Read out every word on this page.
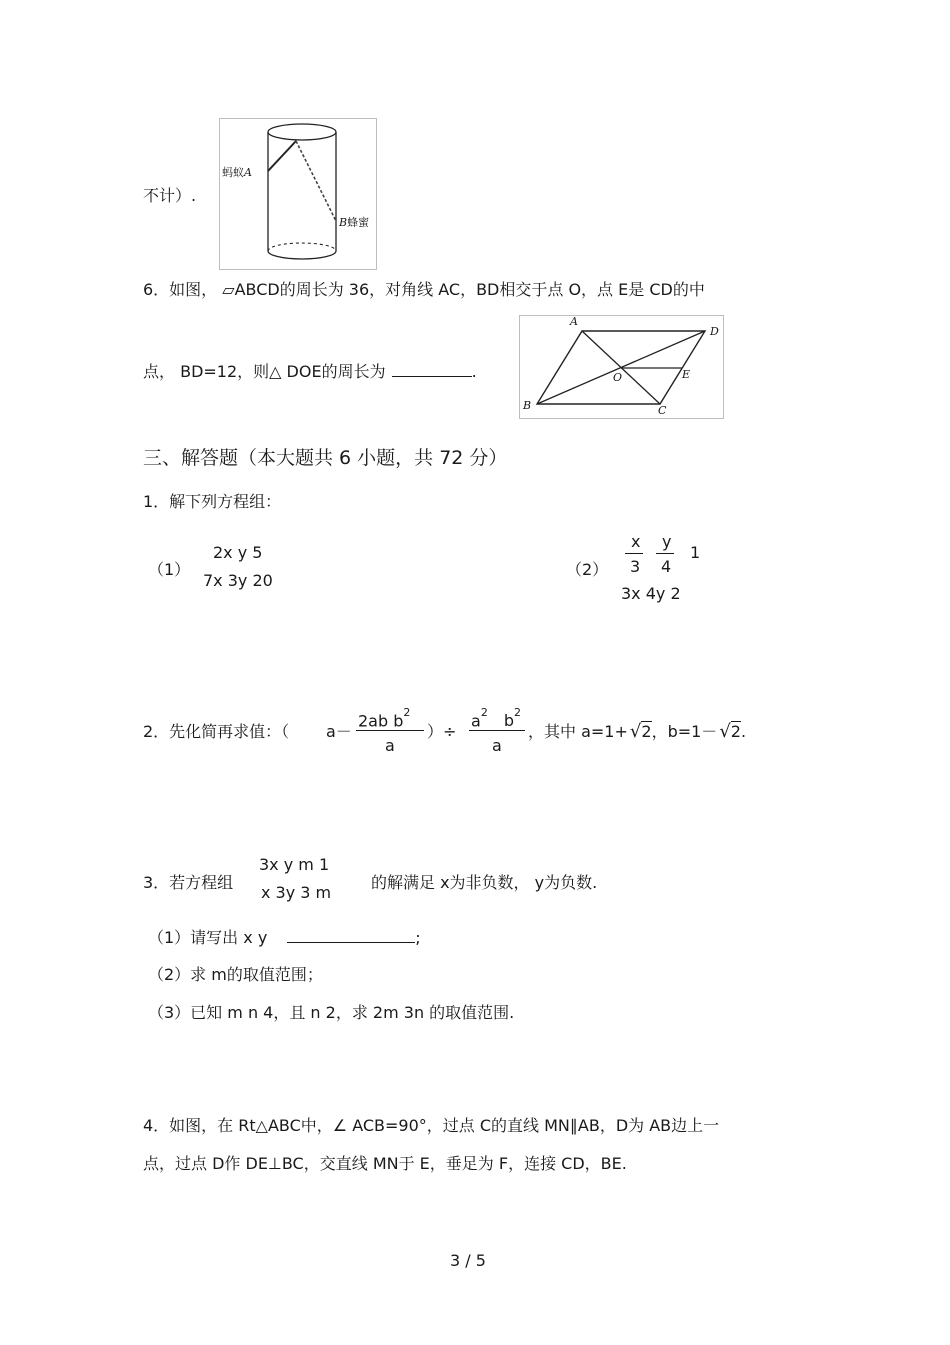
不计）.
蚂蚁A
B蜂蜜
6．如图， ▱ABCD的周长为 36，对角线 AC，BD相交于点 O，点 E是 CD的中
点， BD=12，则△ DOE的周长为	.
A
D
B	C
O	E
三、解答题（本大题共 6 小题，共 72 分）
1．解下列方程组：
（1）
2x y 5
7x 3y 20
（2）
x
3
y
4
1
3x 4y 2
2．先化简再求值：（ a－
2ab $b^2$
a
）÷
$a^2$ $b^2$
a
，其中 a=1+ √2，b=1－ √2.
3．若方程组
3x y m 1
x 3y 3 m
的解满足 x为非负数， y为负数.
（1）请写出 x y	;
（2）求 m的取值范围；
（3）已知 m n 4，且 n 2，求 2m 3n 的取值范围.
4．如图，在 Rt△ABC中，∠ ACB=90°，过点 C的直线 MN∥AB，D为 AB边上一
点，过点 D作 DE⊥BC，交直线 MN于 E，垂足为 F，连接 CD，BE.
3 / 5
